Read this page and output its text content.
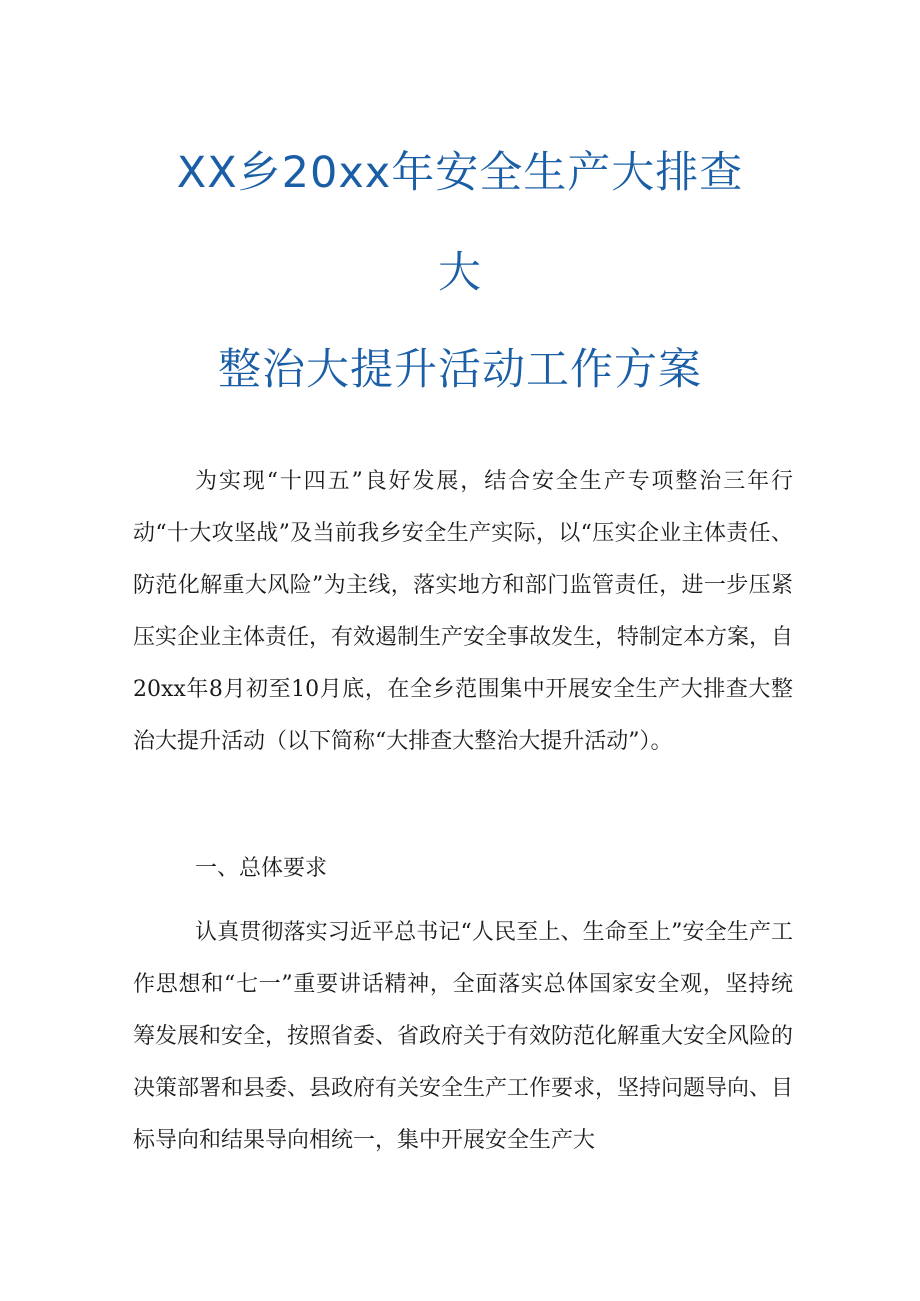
XX乡20xx年安全生产大排查
大
整治大提升活动工作方案
为实现“十四五”良好发展，结合安全生产专项整治三年行动“十大攻坚战”及当前我乡安全生产实际，以“压实企业主体责任、防范化解重大风险”为主线，落实地方和部门监管责任，进一步压紧压实企业主体责任，有效遏制生产安全事故发生，特制定本方案，自20xx年8月初至10月底，在全乡范围集中开展安全生产大排查大整治大提升活动（以下简称“大排查大整治大提升活动”）。
一、总体要求
认真贯彻落实习近平总书记“人民至上、生命至上”安全生产工作思想和“七一”重要讲话精神，全面落实总体国家安全观，坚持统筹发展和安全，按照省委、省政府关于有效防范化解重大安全风险的决策部署和县委、县政府有关安全生产工作要求，坚持问题导向、目标导向和结果导向相统一，集中开展安全生产大
